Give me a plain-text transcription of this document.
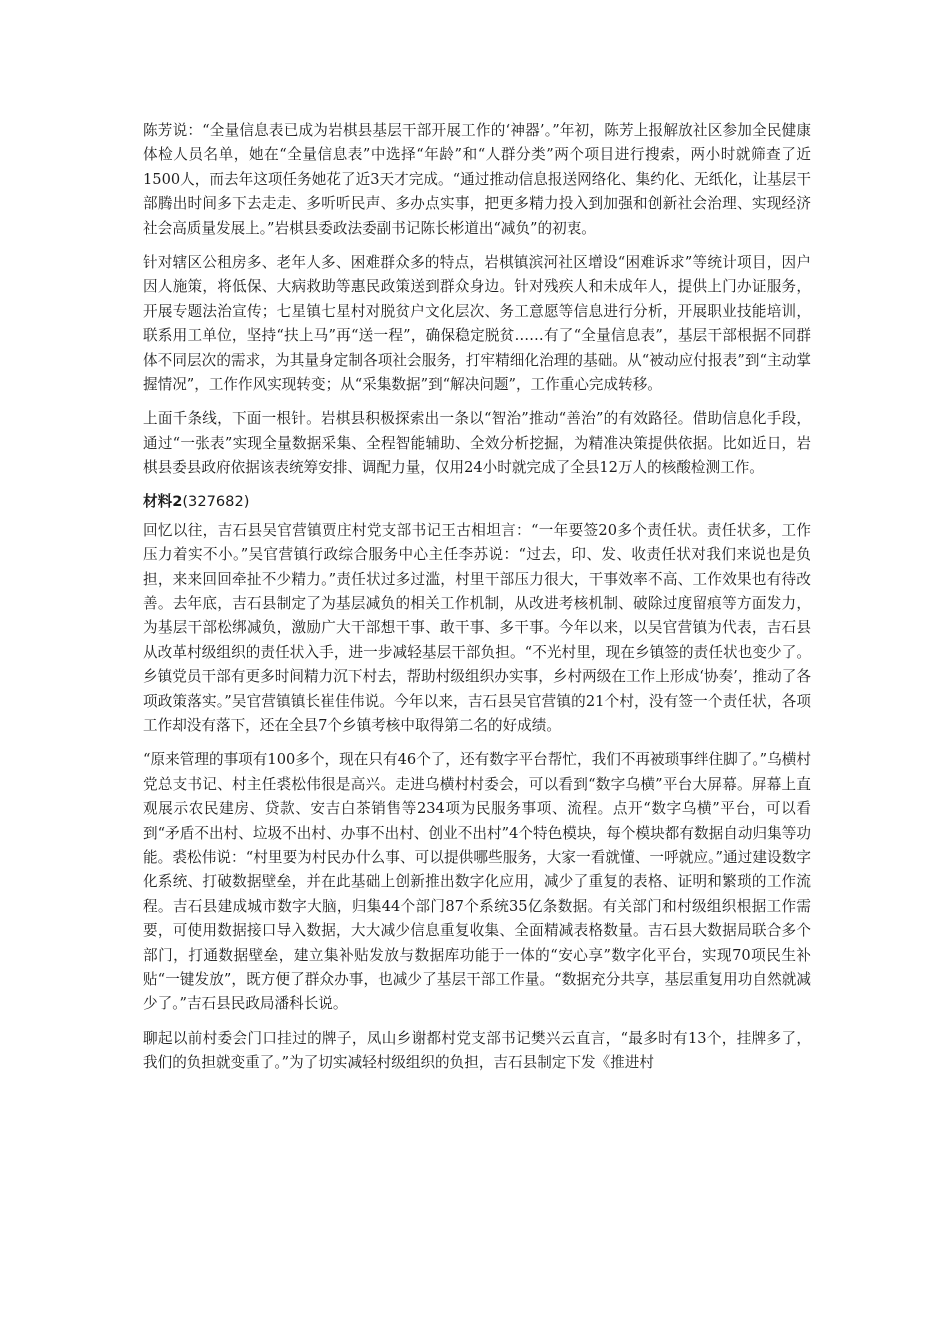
陈芳说：“全量信息表已成为岩棋县基层干部开展工作的‘神器’。”年初，陈芳上报解放社区参加全民健康体检人员名单，她在“全量信息表”中选择“年龄”和“人群分类”两个项目进行搜索，两小时就筛查了近1500人，而去年这项任务她花了近3天才完成。“通过推动信息报送网络化、集约化、无纸化，让基层干部腾出时间多下去走走、多听听民声、多办点实事，把更多精力投入到加强和创新社会治理、实现经济社会高质量发展上。”岩棋县委政法委副书记陈长彬道出“减负”的初衷。

针对辖区公租房多、老年人多、困难群众多的特点，岩棋镇滨河社区增设“困难诉求”等统计项目，因户因人施策，将低保、大病救助等惠民政策送到群众身边。针对残疾人和未成年人，提供上门办证服务，开展专题法治宣传；七星镇七星村对脱贫户文化层次、务工意愿等信息进行分析，开展职业技能培训，联系用工单位，坚持“扶上马”再“送一程”，确保稳定脱贫……有了“全量信息表”，基层干部根据不同群体不同层次的需求，为其量身定制各项社会服务，打牢精细化治理的基础。从“被动应付报表”到“主动掌握情况”，工作作风实现转变；从“采集数据”到“解决问题”，工作重心完成转移。

上面千条线，下面一根针。岩棋县积极探索出一条以“智治”推动“善治”的有效路径。借助信息化手段，通过“一张表”实现全量数据采集、全程智能辅助、全效分析挖掘，为精准决策提供依据。比如近日，岩棋县委县政府依据该表统筹安排、调配力量，仅用24小时就完成了全县12万人的核酸检测工作。

材料2(327682)

回忆以往，吉石县吴官营镇贾庄村党支部书记王古相坦言：“一年要签20多个责任状。责任状多，工作压力着实不小。”吴官营镇行政综合服务中心主任李苏说：“过去，印、发、收责任状对我们来说也是负担，来来回回牵扯不少精力。”责任状过多过滥，村里干部压力很大，干事效率不高、工作效果也有待改善。去年底，吉石县制定了为基层减负的相关工作机制，从改进考核机制、破除过度留痕等方面发力，为基层干部松绑减负，激励广大干部想干事、敢干事、多干事。今年以来，以吴官营镇为代表，吉石县从改革村级组织的责任状入手，进一步减轻基层干部负担。“不光村里，现在乡镇签的责任状也变少了。乡镇党员干部有更多时间精力沉下村去，帮助村级组织办实事，乡村两级在工作上形成‘协奏’，推动了各项政策落实。”吴官营镇镇长崔佳伟说。今年以来，吉石县吴官营镇的21个村，没有签一个责任状，各项工作却没有落下，还在全县7个乡镇考核中取得第二名的好成绩。

“原来管理的事项有100多个，现在只有46个了，还有数字平台帮忙，我们不再被琐事绊住脚了。”乌横村党总支书记、村主任裘松伟很是高兴。走进乌横村村委会，可以看到“数字乌横”平台大屏幕。屏幕上直观展示农民建房、贷款、安吉白茶销售等234项为民服务事项、流程。点开“数字乌横”平台，可以看到“矛盾不出村、垃圾不出村、办事不出村、创业不出村”4个特色模块，每个模块都有数据自动归集等功能。裘松伟说：“村里要为村民办什么事、可以提供哪些服务，大家一看就懂、一呼就应。”通过建设数字化系统、打破数据壁垒，并在此基础上创新推出数字化应用，减少了重复的表格、证明和繁琐的工作流程。吉石县建成城市数字大脑，归集44个部门87个系统35亿条数据。有关部门和村级组织根据工作需要，可使用数据接口导入数据，大大减少信息重复收集、全面精减表格数量。吉石县大数据局联合多个部门，打通数据壁垒，建立集补贴发放与数据库功能于一体的“安心享”数字化平台，实现70项民生补贴“一键发放”，既方便了群众办事，也减少了基层干部工作量。“数据充分共享，基层重复用功自然就减少了。”吉石县民政局潘科长说。

聊起以前村委会门口挂过的牌子，凤山乡谢都村党支部书记樊兴云直言，“最多时有13个，挂牌多了，我们的负担就变重了。”为了切实减轻村级组织的负担，吉石县制定下发《推进村
